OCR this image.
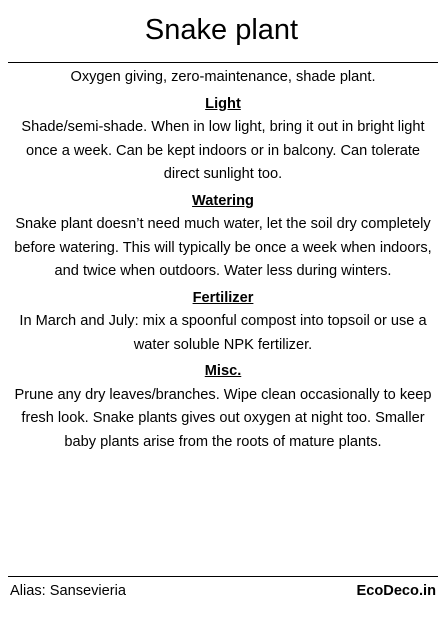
Snake plant

Oxygen giving, zero-maintenance, shade plant.

Light

Shade/semi-shade. When in low light, bring it out in bright light once a week. Can be kept indoors or in balcony. Can tolerate direct sunlight too.

Watering

Snake plant doesn’t need much water, let the soil dry completely before watering. This will typically be once a week when indoors, and twice when outdoors. Water less during winters.

Fertilizer

In March and July: mix a spoonful compost into topsoil or use a water soluble NPK fertilizer.

Misc.

Prune any dry leaves/branches. Wipe clean occasionally to keep fresh look. Snake plants gives out oxygen at night too. Smaller baby plants arise from the roots of mature plants.

Alias: Sansevieria	EcoDeco.in
